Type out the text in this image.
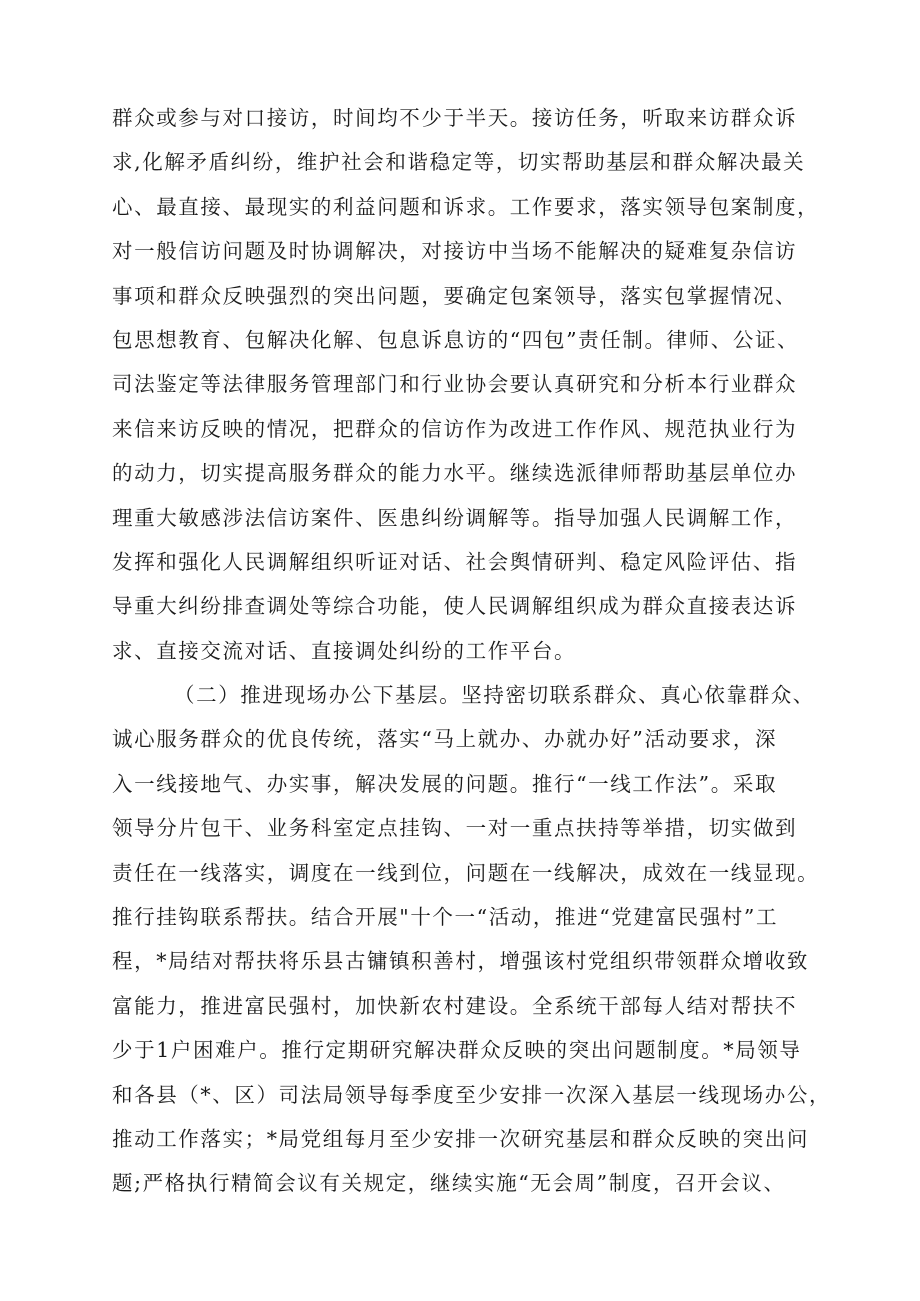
群众或参与对口接访，时间均不少于半天。接访任务，听取来访群众诉
求,化解矛盾纠纷，维护社会和谐稳定等，切实帮助基层和群众解决最关
心、最直接、最现实的利益问题和诉求。工作要求，落实领导包案制度，
对一般信访问题及时协调解决，对接访中当场不能解决的疑难复杂信访
事项和群众反映强烈的突出问题，要确定包案领导，落实包掌握情况、
包思想教育、包解决化解、包息诉息访的“四包”责任制。律师、公证、
司法鉴定等法律服务管理部门和行业协会要认真研究和分析本行业群众
来信来访反映的情况，把群众的信访作为改进工作作风、规范执业行为
的动力，切实提高服务群众的能力水平。继续选派律师帮助基层单位办
理重大敏感涉法信访案件、医患纠纷调解等。指导加强人民调解工作，
发挥和强化人民调解组织听证对话、社会舆情研判、稳定风险评估、指
导重大纠纷排查调处等综合功能，使人民调解组织成为群众直接表达诉
求、直接交流对话、直接调处纠纷的工作平台。
（二）推进现场办公下基层。坚持密切联系群众、真心依靠群众、
诚心服务群众的优良传统，落实“马上就办、办就办好”活动要求，深
入一线接地气、办实事，解决发展的问题。推行“一线工作法”。采取
领导分片包干、业务科室定点挂钩、一对一重点扶持等举措，切实做到
责任在一线落实，调度在一线到位，问题在一线解决，成效在一线显现。
推行挂钩联系帮扶。结合开展"十个一“活动，推进“党建富民强村”工
程，*局结对帮扶将乐县古镛镇积善村，增强该村党组织带领群众增收致
富能力，推进富民强村，加快新农村建设。全系统干部每人结对帮扶不
少于1户困难户。推行定期研究解决群众反映的突出问题制度。*局领导
和各县（*、区）司法局领导每季度至少安排一次深入基层一线现场办公，
推动工作落实；*局党组每月至少安排一次研究基层和群众反映的突出问
题;严格执行精简会议有关规定，继续实施“无会周”制度，召开会议、
